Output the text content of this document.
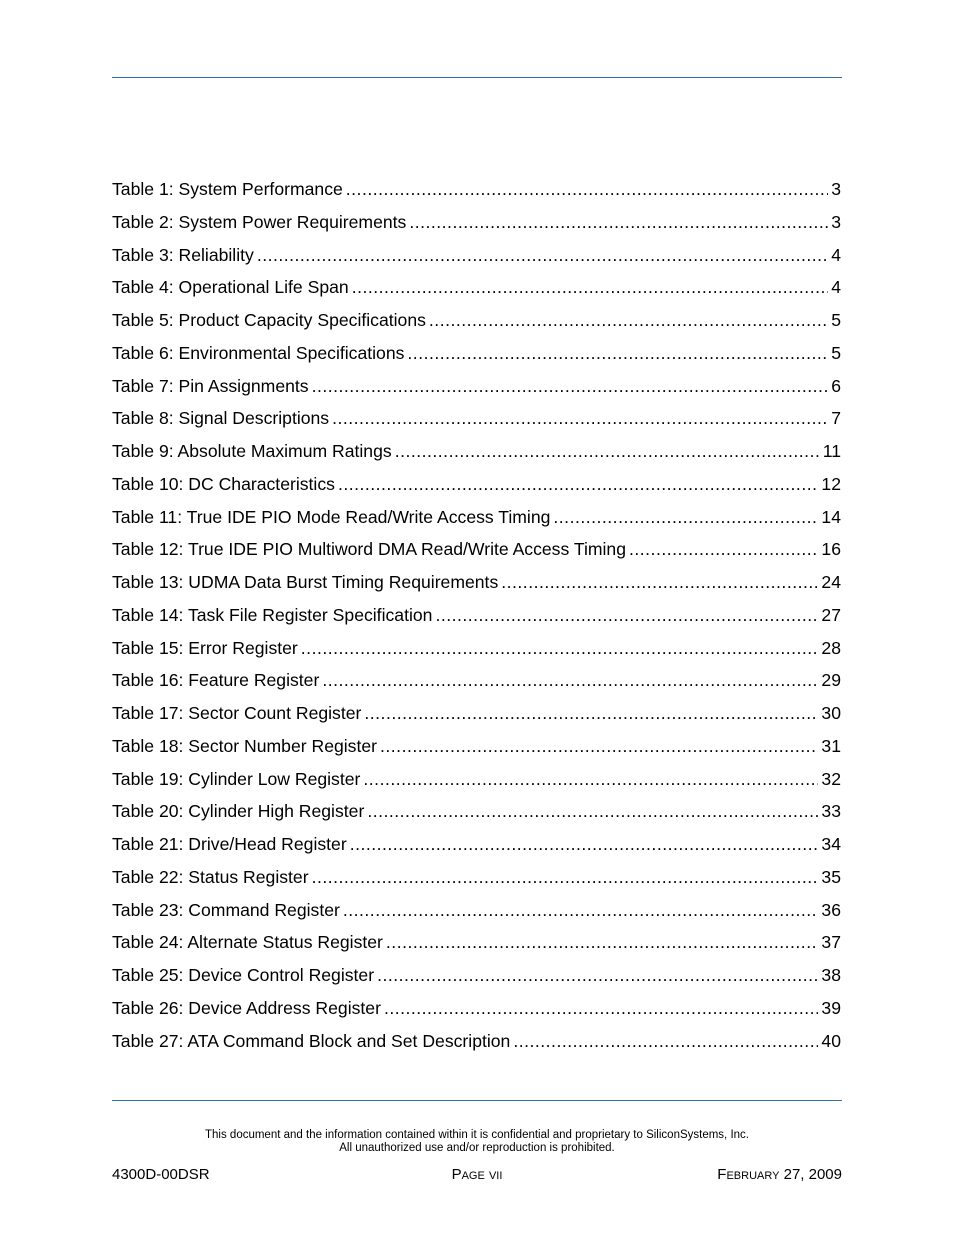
Table 1: System Performance .....	3
Table 2: System Power Requirements .....	3
Table 3: Reliability .....	4
Table 4: Operational Life Span .....	4
Table 5: Product Capacity Specifications .....	5
Table 6: Environmental Specifications .....	5
Table 7: Pin Assignments .....	6
Table 8: Signal Descriptions .....	7
Table 9: Absolute Maximum Ratings .....	11
Table 10: DC Characteristics .....	12
Table 11: True IDE PIO Mode Read/Write Access Timing .....	14
Table 12: True IDE PIO Multiword DMA Read/Write Access Timing .....	16
Table 13: UDMA Data Burst Timing Requirements .....	24
Table 14: Task File Register Specification .....	27
Table 15: Error Register .....	28
Table 16: Feature Register .....	29
Table 17: Sector Count Register .....	30
Table 18: Sector Number Register .....	31
Table 19: Cylinder Low Register .....	32
Table 20: Cylinder High Register .....	33
Table 21: Drive/Head Register .....	34
Table 22: Status Register .....	35
Table 23: Command Register .....	36
Table 24: Alternate Status Register .....	37
Table 25: Device Control Register .....	38
Table 26: Device Address Register .....	39
Table 27: ATA Command Block and Set Description .....	40
This document and the information contained within it is confidential and proprietary to SiliconSystems, Inc.
All unauthorized use and/or reproduction is prohibited.
4300D-00DSR	Page vii	February 27, 2009
